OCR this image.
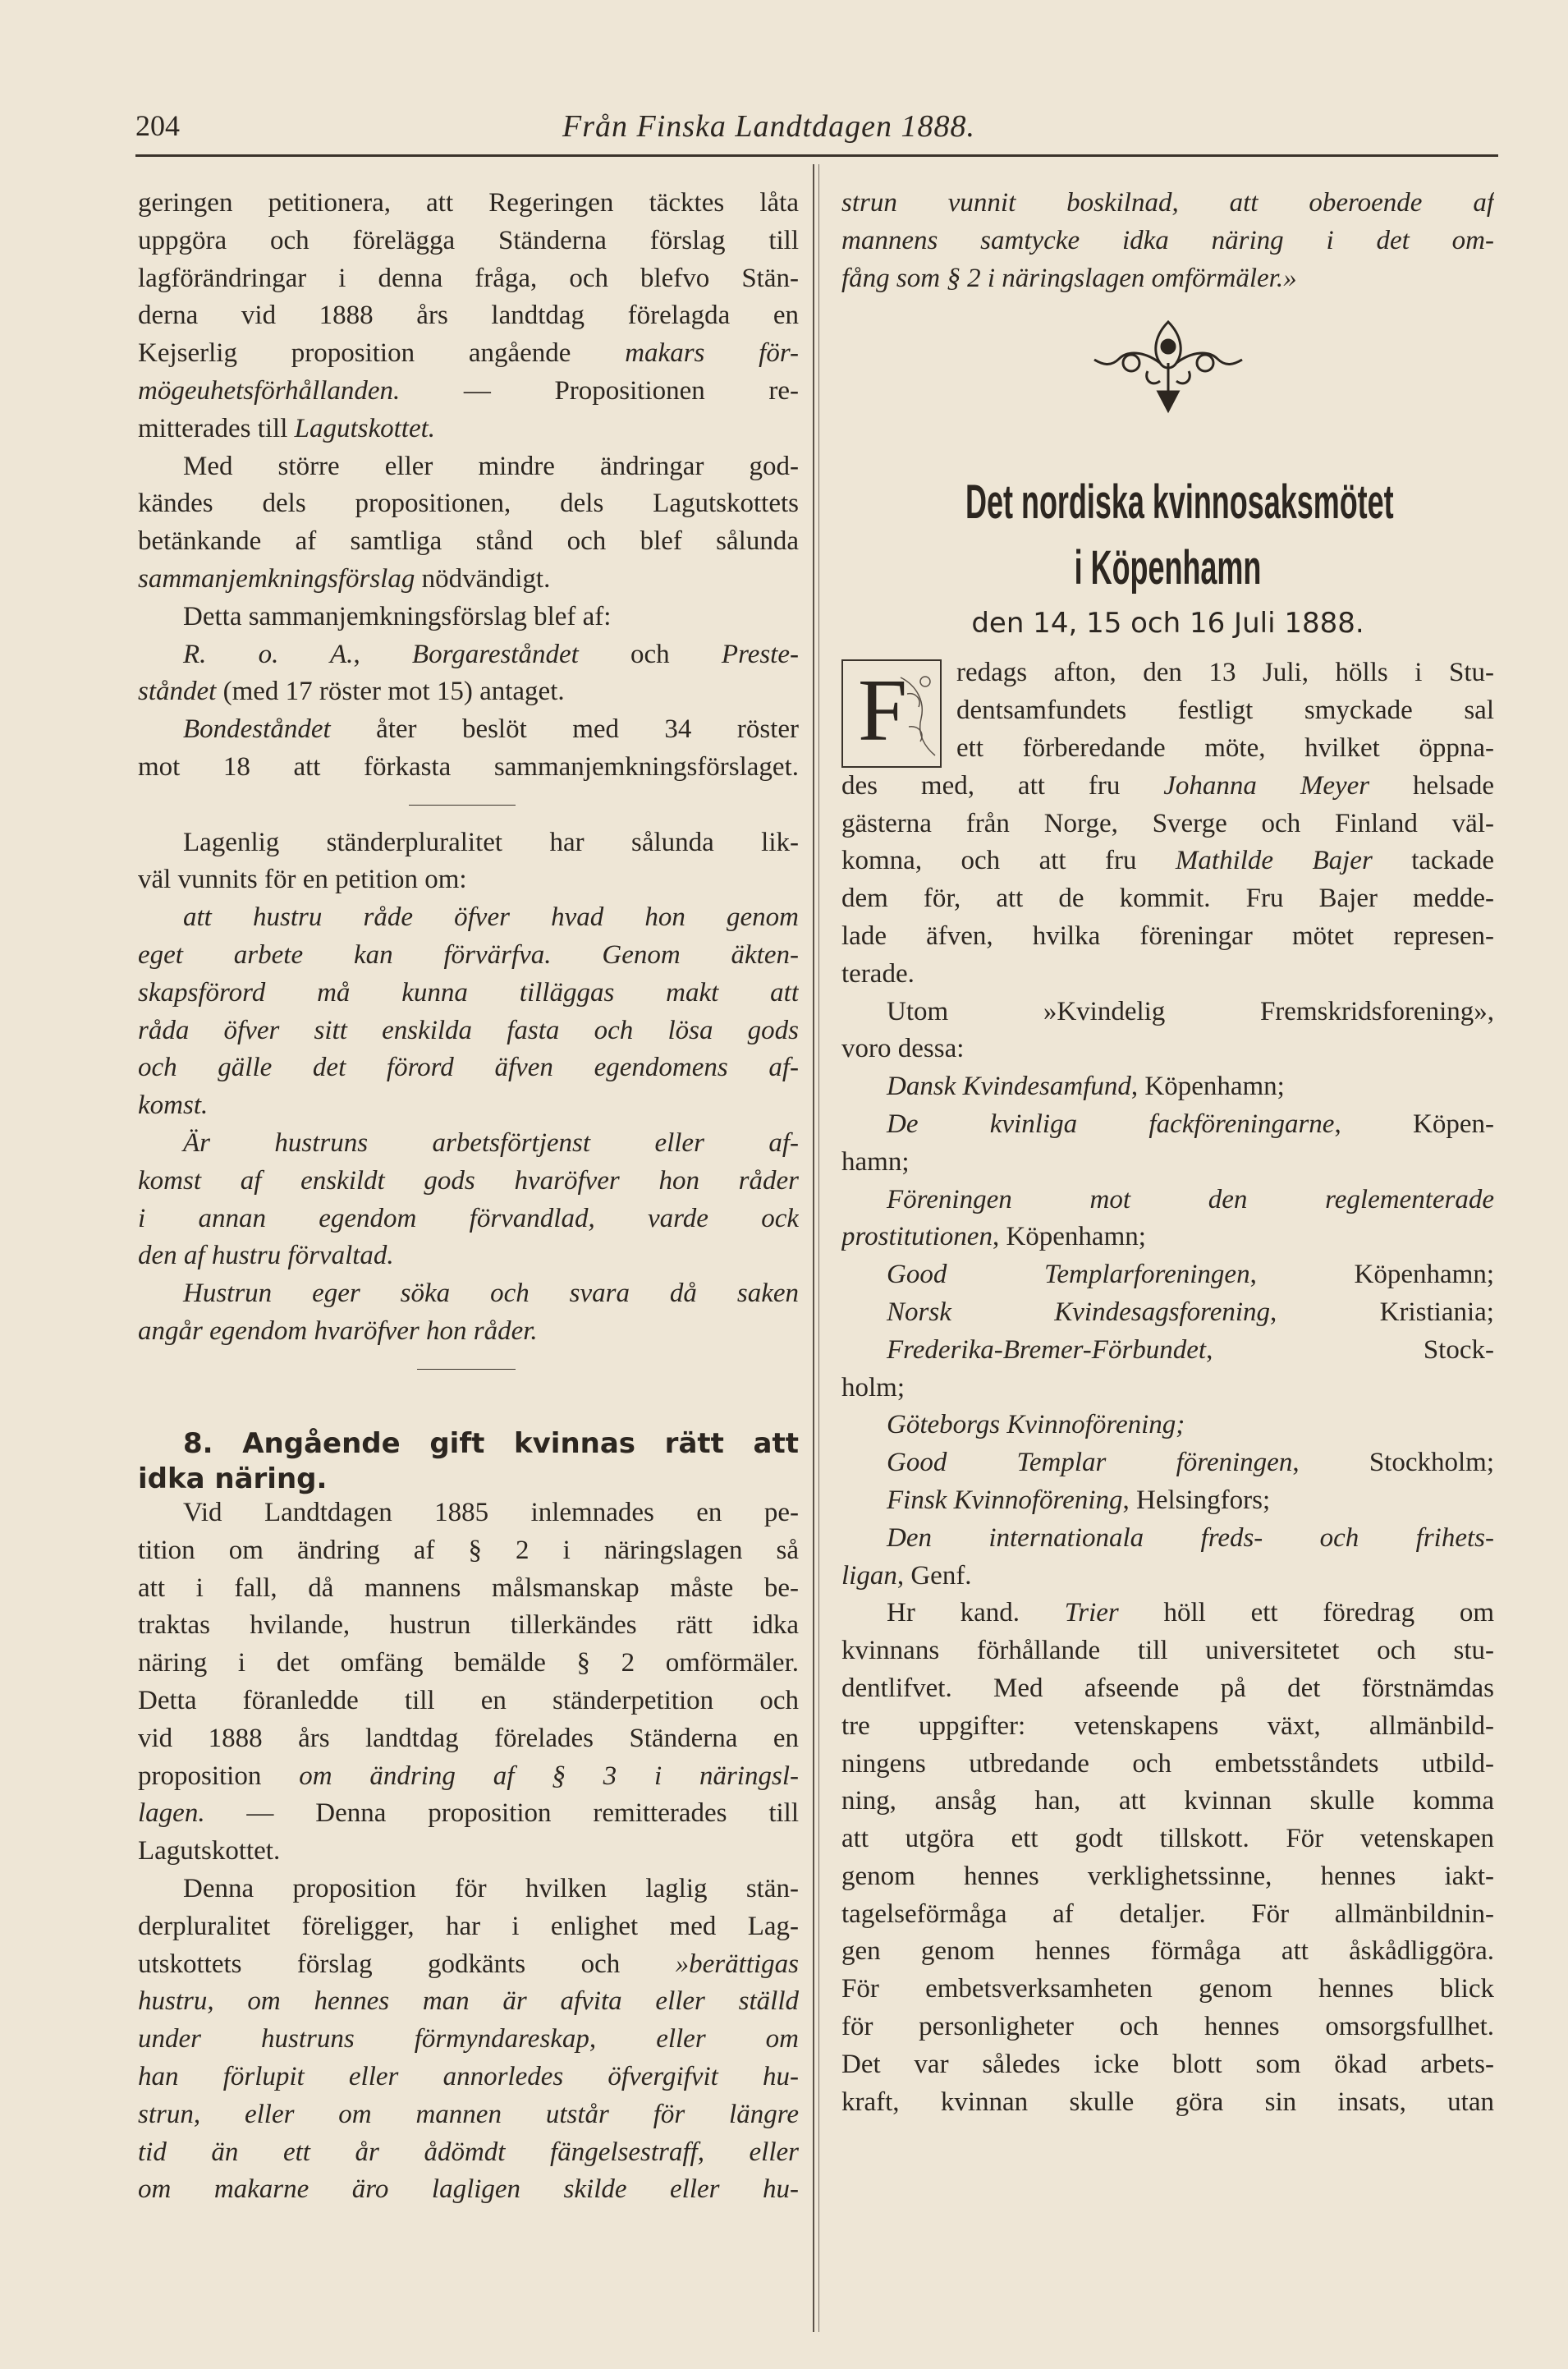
204	Från Finska Landtdagen 1888.
geringen petitionera, att Regeringen täcktes låta
uppgöra och förelägga Ständerna förslag till
lagförändringar i denna fråga, och blefvo Stän-
derna vid 1888 års landtdag förelagda en
Kejserlig proposition angående makars för-
mögeuhetsförhållanden. — Propositionen re-
mitterades till Lagutskottet.
Med större eller mindre ändringar god-
kändes dels propositionen, dels Lagutskottets
betänkande af samtliga stånd och blef sålunda
sammanjemkningsförslag nödvändigt.
Detta sammanjemkningsförslag blef af:
R. o. A., Borgareståndet och Preste-
ståndet (med 17 röster mot 15) antaget.
Bondeståndet åter beslöt med 34 röster
mot 18 att förkasta sammanjemkningsförslaget.
Lagenlig ständerpluralitet har sålunda lik-
väl vunnits för en petition om:
att hustru råde öfver hvad hon genom
eget arbete kan förvärfva. Genom äkten-
skapsförord må kunna tilläggas makt att
råda öfver sitt enskilda fasta och lösa gods
och gälle det förord äfven egendomens af-
komst.
Är hustruns arbetsförtjenst eller af-
komst af enskildt gods hvaröfver hon råder
i annan egendom förvandlad, varde ock
den af hustru förvaltad.
Hustrun eger söka och svara då saken
angår egendom hvaröfver hon råder.
8. Angående gift kvinnas rätt att
idka näring.
Vid Landtdagen 1885 inlemnades en pe-
tition om ändring af § 2 i näringslagen så
att i fall, då mannens målsmanskap måste be-
traktas hvilande, hustrun tillerkändes rätt idka
näring i det omfäng bemälde § 2 omförmäler.
Detta föranledde till en ständerpetition och
vid 1888 års landtdag förelades Ständerna en
proposition om ändring af § 3 i näringsl-
lagen. — Denna proposition remitterades till
Lagutskottet.
Denna proposition för hvilken laglig stän-
derpluralitet föreligger, har i enlighet med Lag-
utskottets förslag godkänts och »berättigas
hustru, om hennes man är afvita eller ställd
under hustruns förmyndareskap, eller om
han förlupit eller annorledes öfvergifvit hu-
strun, eller om mannen utstår för längre
tid än ett år ådömdt fängelsestraff, eller
om makarne äro lagligen skilde eller hu-
strun vunnit boskilnad, att oberoende af
mannens samtycke idka näring i det om-
fång som § 2 i näringslagen omförmäler.»
Det nordiska kvinnosaksmötet
i Köpenhamn
den 14, 15 och 16 Juli 1888.
F	redags afton, den 13 Juli, hölls i Stu-
dentsamfundets festligt smyckade sal
ett förberedande möte, hvilket öppna-
des med, att fru Johanna Meyer helsade
gästerna från Norge, Sverge och Finland väl-
komna, och att fru Mathilde Bajer tackade
dem för, att de kommit. Fru Bajer medde-
lade äfven, hvilka föreningar mötet represen-
terade.
Utom »Kvindelig Fremskridsforening»,
voro dessa:
Dansk Kvindesamfund, Köpenhamn;
De kvinliga fackföreningarne, Köpen-
hamn;
Föreningen mot den reglementerade
prostitutionen, Köpenhamn;
Good Templarforeningen, Köpenhamn;
Norsk Kvindesagsforening, Kristiania;
Frederika-Bremer-Förbundet, Stock-
holm;
Göteborgs Kvinnoförening;
Good Templar föreningen, Stockholm;
Finsk Kvinnoförening, Helsingfors;
Den internationala freds- och frihets-
ligan, Genf.
Hr kand. Trier höll ett föredrag om
kvinnans förhållande till universitetet och stu-
dentlifvet. Med afseende på det förstnämdas
tre uppgifter: vetenskapens växt, allmänbild-
ningens utbredande och embetsståndets utbild-
ning, ansåg han, att kvinnan skulle komma
att utgöra ett godt tillskott. För vetenskapen
genom hennes verklighetssinne, hennes iakt-
tagelseförmåga af detaljer. För allmänbildnin-
gen genom hennes förmåga att åskådliggöra.
För embetsverksamheten genom hennes blick
för personligheter och hennes omsorgsfullhet.
Det var således icke blott som ökad arbets-
kraft, kvinnan skulle göra sin insats, utan
